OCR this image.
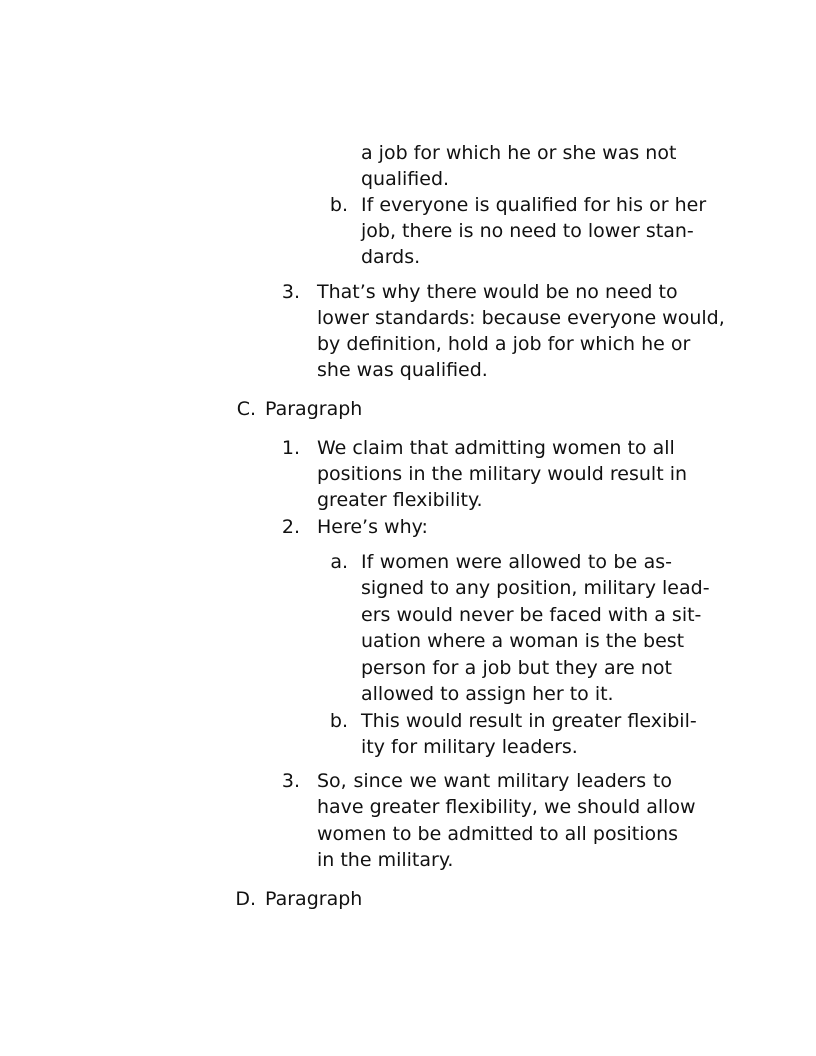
a job for which he or she was not
qualified.
b. If everyone is qualified for his or her
job, there is no need to lower stan-
dards.
3. That’s why there would be no need to
lower standards: because everyone would,
by definition, hold a job for which he or
she was qualified.
C. Paragraph
1. We claim that admitting women to all
positions in the military would result in
greater flexibility.
2. Here’s why:
a. If women were allowed to be as-
signed to any position, military lead-
ers would never be faced with a sit-
uation where a woman is the best
person for a job but they are not
allowed to assign her to it.
b. This would result in greater flexibil-
ity for military leaders.
3. So, since we want military leaders to
have greater flexibility, we should allow
women to be admitted to all positions
in the military.
D. Paragraph
